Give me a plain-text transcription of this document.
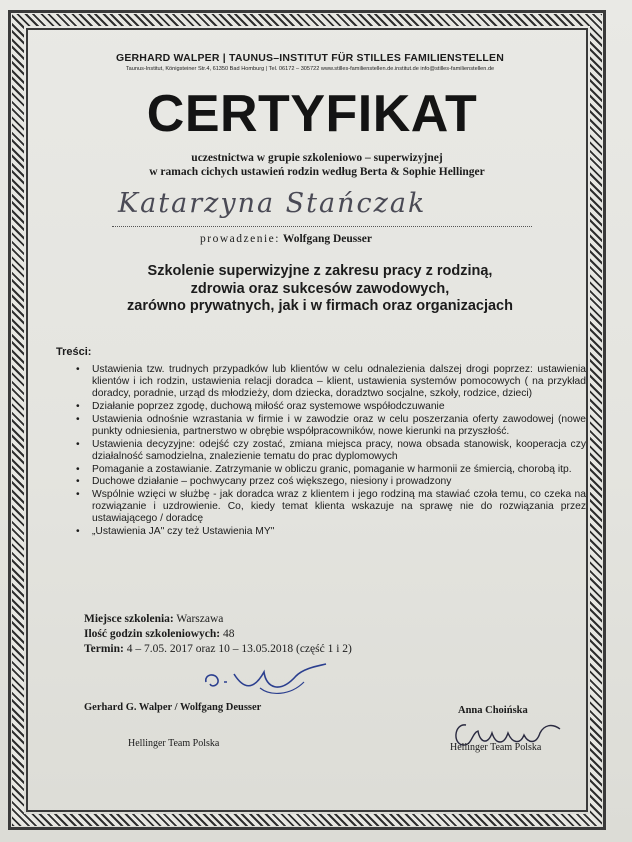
GERHARD WALPER | TAUNUS–INSTITUT FÜR STILLES FAMILIENSTELLEN
Taunus-Institut, Königsteiner Str.4, 61350 Bad Homburg | Tel. 06172 – 305722 www.stilles-familienstellen.de.institut.de info@stilles-familienstellen.de
CERTYFIKAT
uczestnictwa w grupie szkoleniowo – superwizyjnej
w ramach cichych ustawień rodzin według Berta & Sophie Hellinger
Katarzyna Stańczak
prowadzenie: Wolfgang Deusser
Szkolenie superwizyjne z zakresu pracy z rodziną,
zdrowia oraz sukcesów zawodowych,
zarówno prywatnych, jak i w firmach oraz organizacjach
Treści:
• Ustawienia tzw. trudnych przypadków lub klientów w celu odnalezienia dalszej drogi poprzez: ustawienia klientów i ich rodzin, ustawienia relacji doradca – klient, ustawienia systemów pomocowych ( na przykład doradcy, poradnie, urząd ds młodzieży, dom dziecka, doradztwo socjalne, szkoły, rodzice, dzieci)
• Działanie poprzez zgodę, duchową miłość oraz systemowe współodczuwanie
• Ustawienia odnośnie wzrastania w firmie i w zawodzie oraz w celu poszerzania oferty zawodowej (nowe punkty odniesienia, partnerstwo w obrębie współpracowników, nowe kierunki na przyszłość.
• Ustawienia decyzyjne: odejść czy zostać, zmiana miejsca pracy, nowa obsada stanowisk, kooperacja czy działalność samodzielna, znalezienie tematu do prac dyplomowych
• Pomaganie a zostawianie. Zatrzymanie w obliczu granic, pomaganie w harmonii ze śmiercią, chorobą itp.
• Duchowe działanie – pochwycany przez coś większego, niesiony i prowadzony
• Wspólnie wzięci w służbę - jak doradca wraz z klientem i jego rodziną ma stawiać czoła temu, co czeka na rozwiązanie i uzdrowienie. Co, kiedy temat klienta wskazuje na sprawę nie do rozwiązania przez ustawiającego / doradcę
• „Ustawienia JA" czy też Ustawienia MY"
Miejsce szkolenia: Warszawa
Ilość godzin szkoleniowych: 48
Termin: 4 – 7.05. 2017 oraz 10 – 13.05.2018 (część 1 i 2)
Gerhard G. Walper / Wolfgang Deusser
Hellinger Team Polska
Anna Choińska
Hellinger Team Polska
